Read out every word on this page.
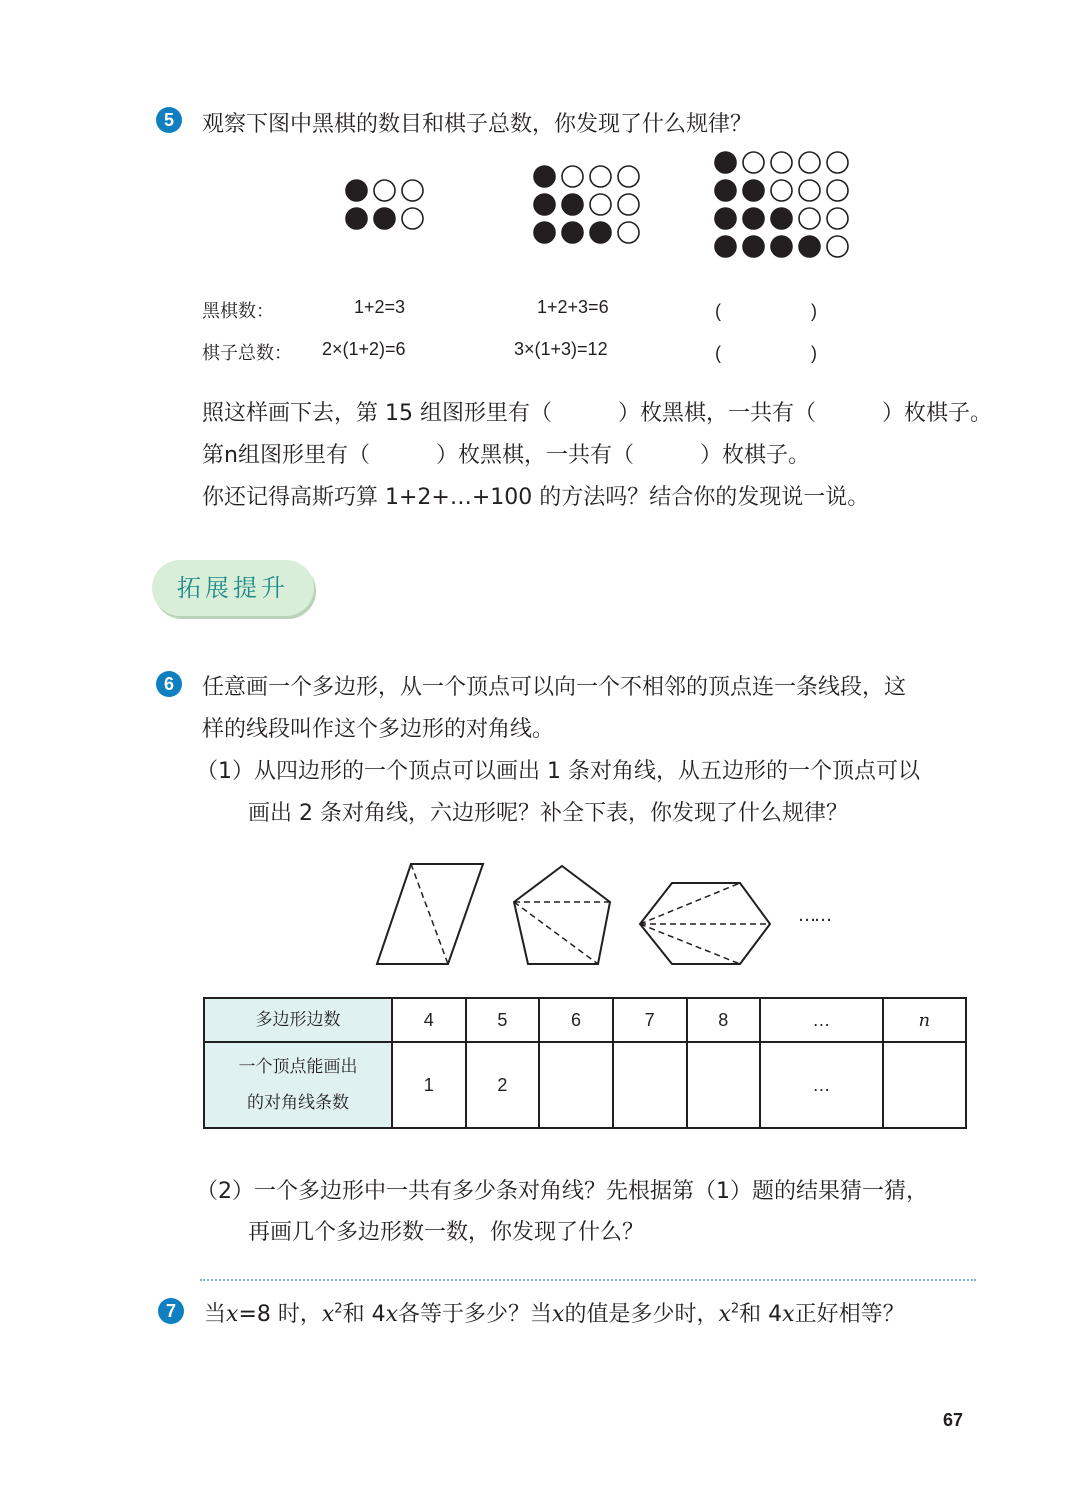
5	观察下图中黑棋的数目和棋子总数，你发现了什么规律？
黑棋数：	1+2=3	1+2+3=6	(　　　　　)
棋子总数： 2×(1+2)=6	3×(1+3)=12	(　　　　　)
照这样画下去，第 15 组图形里有（　　　）枚黑棋，一共有（　　　）枚棋子。
第n组图形里有（　　　）枚黑棋，一共有（　　　）枚棋子。
你还记得高斯巧算 1+2+…+100 的方法吗？结合你的发现说一说。
拓展提升
6	任意画一个多边形，从一个顶点可以向一个不相邻的顶点连一条线段，这
样的线段叫作这个多边形的对角线。
（1）从四边形的一个顶点可以画出 1 条对角线，从五边形的一个顶点可以
画出 2 条对角线，六边形呢？补全下表，你发现了什么规律？
……
多边形边数	4	5	6	7	8	…	n

一个顶点能画出
的对角线条数	1	2				…	
（2）一个多边形中一共有多少条对角线？先根据第（1）题的结果猜一猜，
再画几个多边形数一数，你发现了什么？
7	当x=8 时，$x^2$和 4x各等于多少？当x的值是多少时，$x^2$和 4x正好相等？
67
